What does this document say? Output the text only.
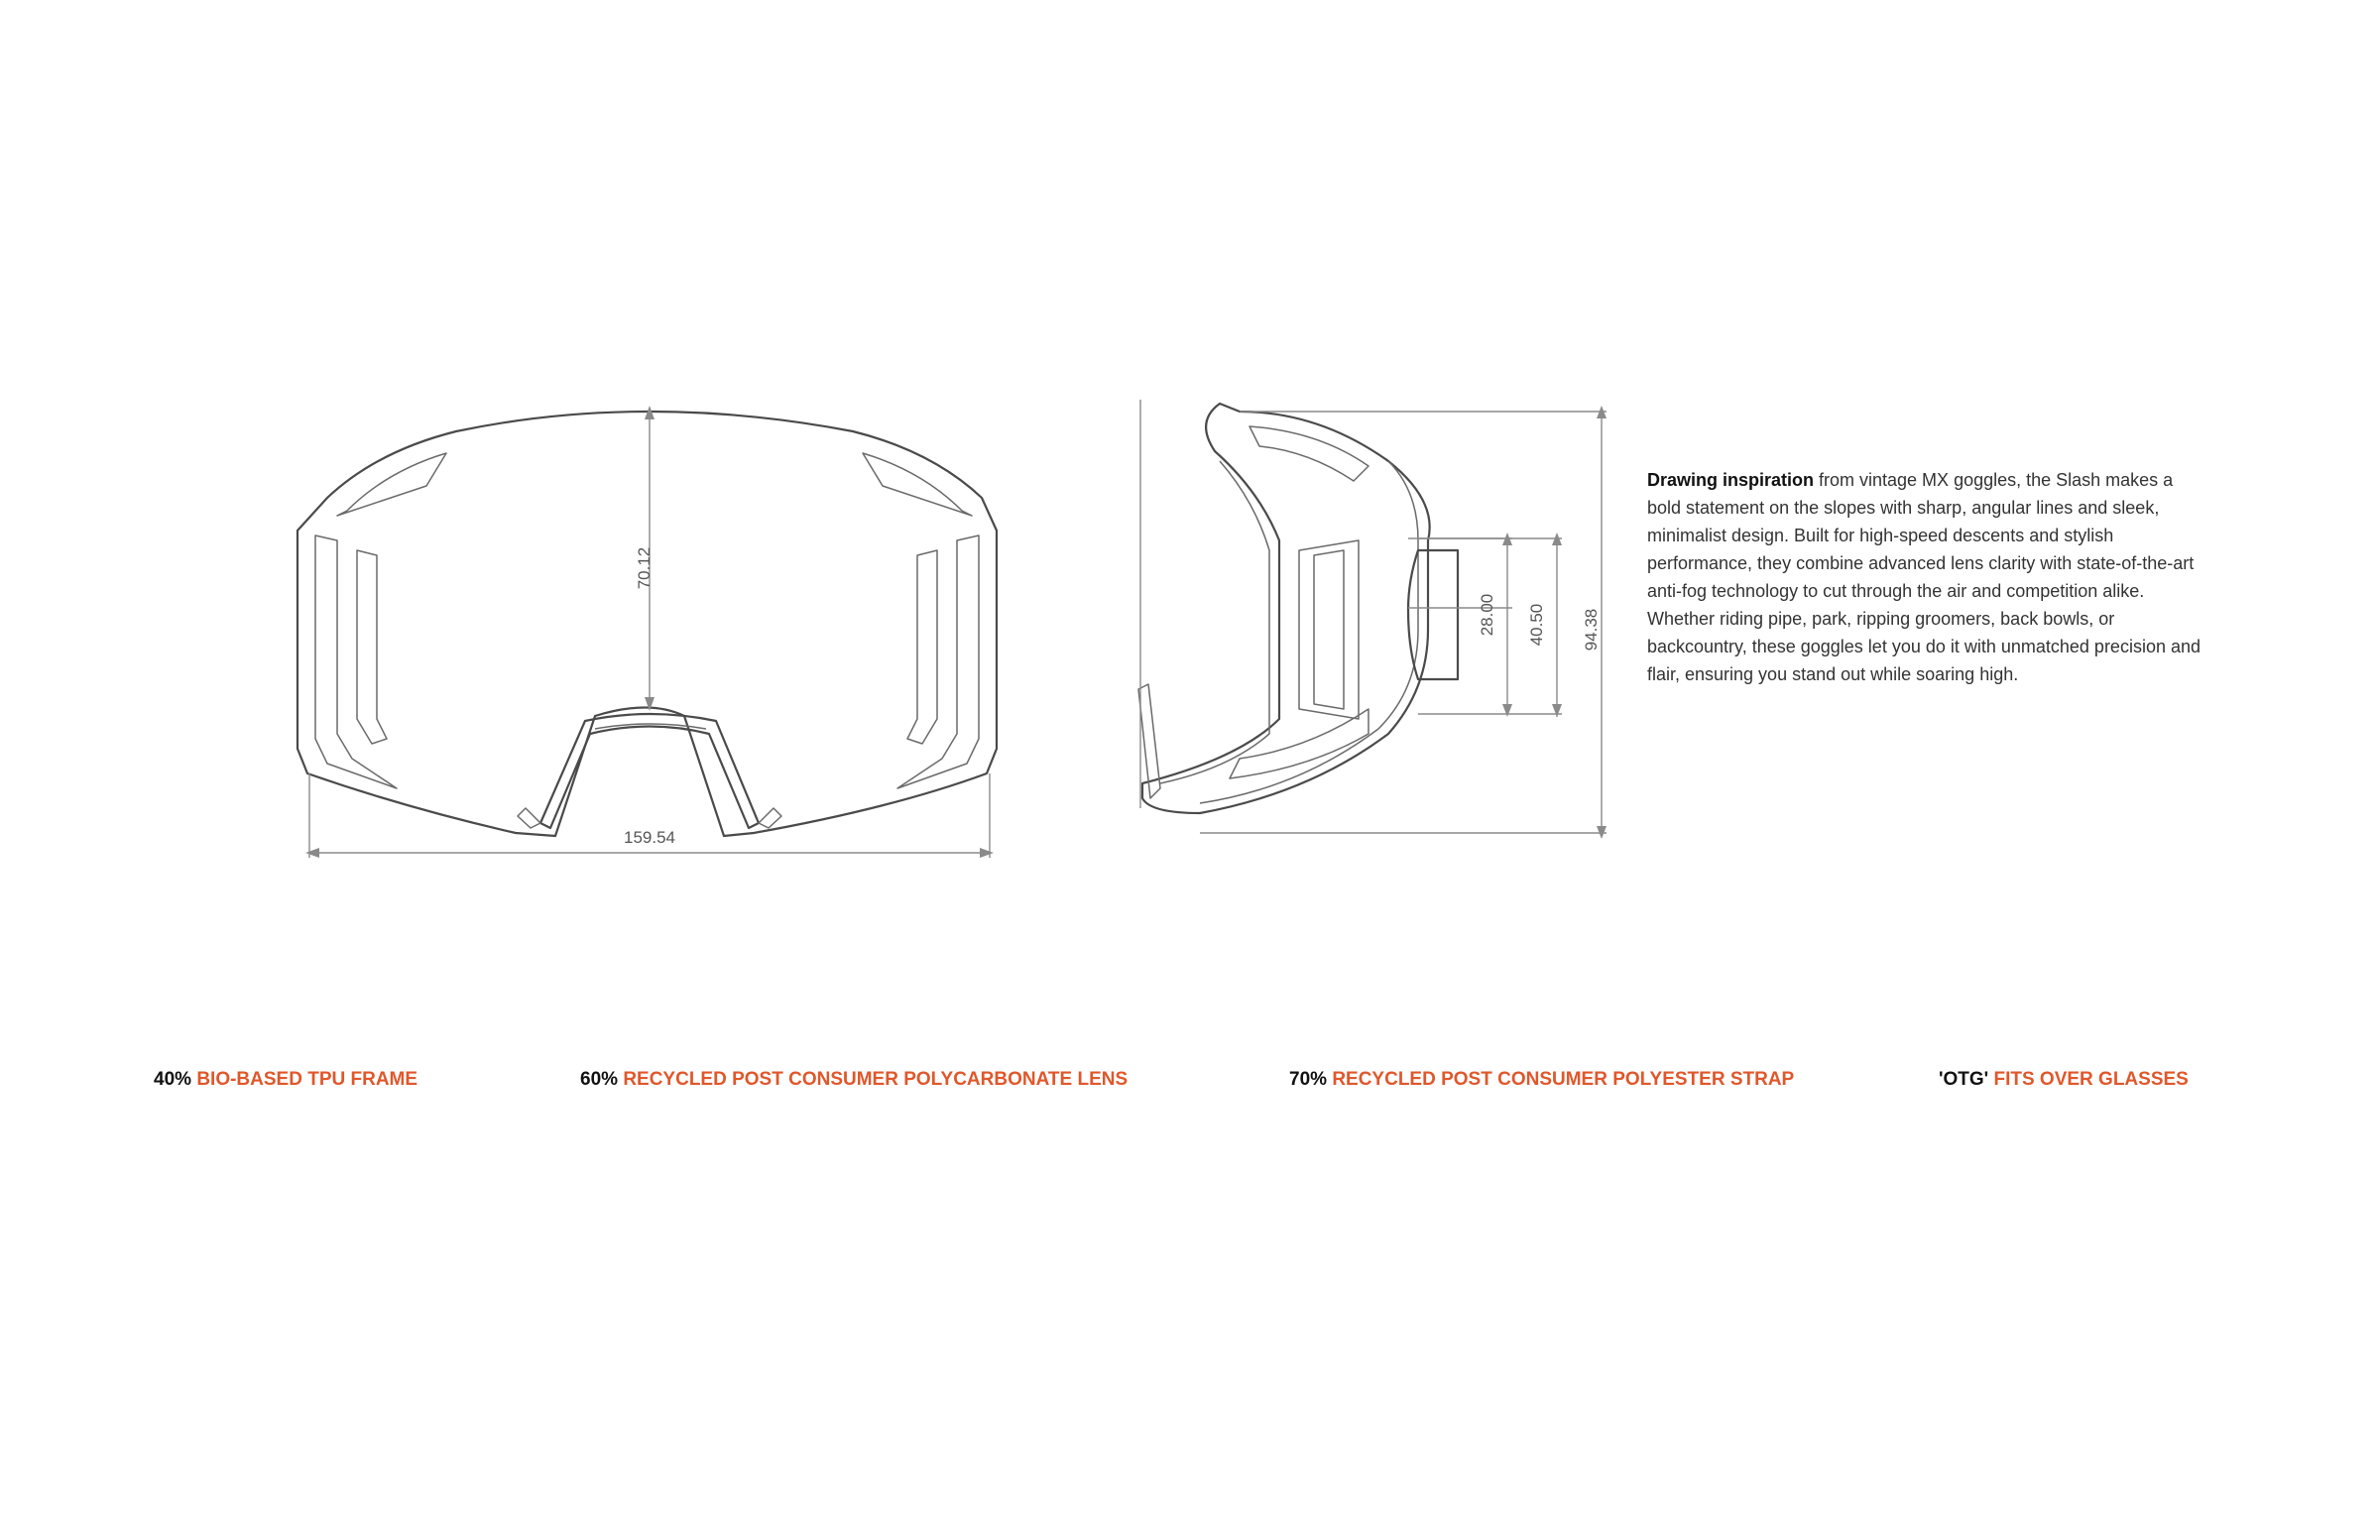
70.12
159.54
28.00 40.50 94.38
Drawing inspiration from vintage MX goggles, the Slash makes a bold statement on the slopes with sharp, angular lines and sleek, minimalist design. Built for high-speed descents and stylish performance, they combine advanced lens clarity with state-of-the-art anti-fog technology to cut through the air and competition alike. Whether riding pipe, park, ripping groomers, back bowls, or backcountry, these goggles let you do it with unmatched precision and flair, ensuring you stand out while soaring high.
40% BIO-BASED TPU FRAME	60% RECYCLED POST CONSUMER POLYCARBONATE LENS	70% RECYCLED POST CONSUMER POLYESTER STRAP	'OTG' FITS OVER GLASSES
